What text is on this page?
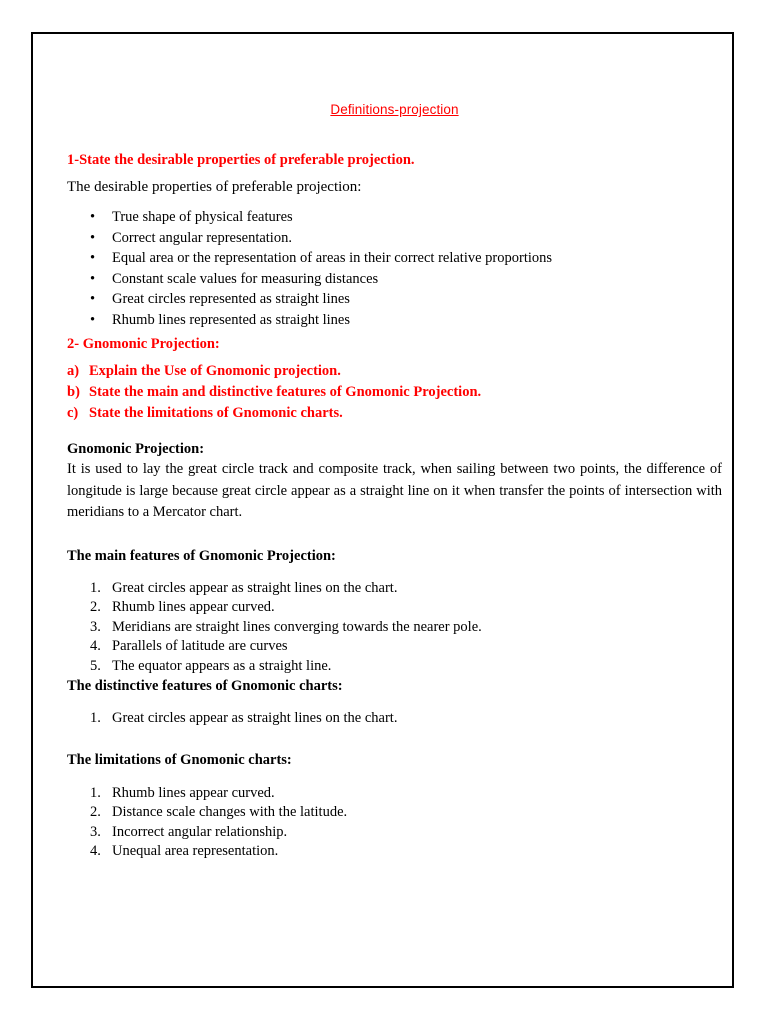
Definitions-projection

1-State the desirable properties of preferable projection.

The desirable properties of preferable projection:

• True shape of physical features
• Correct angular representation.
• Equal area or the representation of areas in their correct relative proportions
• Constant scale values for measuring distances
• Great circles represented as straight lines
• Rhumb lines represented as straight lines

2- Gnomonic Projection:

a) Explain the Use of Gnomonic projection.
b) State the main and distinctive features of Gnomonic Projection.
c) State the limitations of Gnomonic charts.

Gnomonic Projection:

It is used to lay the great circle track and composite track, when sailing between two points, the difference of longitude is large because great circle appear as a straight line on it when transfer the points of intersection with meridians to a Mercator chart.

The main features of Gnomonic Projection:

1. Great circles appear as straight lines on the chart.
2. Rhumb lines appear curved.
3. Meridians are straight lines converging towards the nearer pole.
4. Parallels of latitude are curves
5. The equator appears as a straight line.

The distinctive features of Gnomonic charts:

1. Great circles appear as straight lines on the chart.

The limitations of Gnomonic charts:

1. Rhumb lines appear curved.
2. Distance scale changes with the latitude.
3. Incorrect angular relationship.
4. Unequal area representation.
